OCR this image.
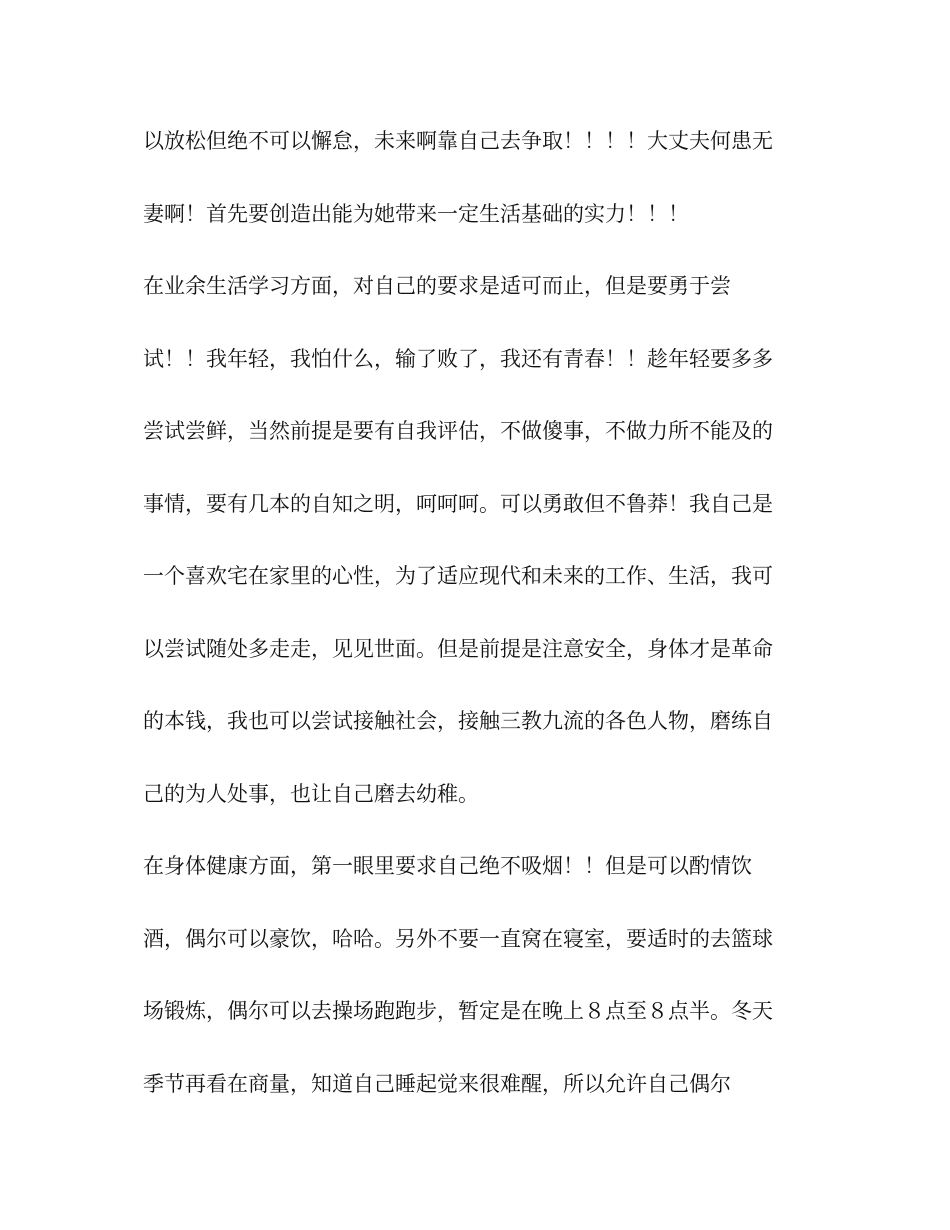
以放松但绝不可以懈怠，未来啊靠自己去争取！！！！大丈夫何患无
妻啊！首先要创造出能为她带来一定生活基础的实力！！！
在业余生活学习方面，对自己的要求是适可而止，但是要勇于尝
试！！我年轻，我怕什么，输了败了，我还有青春！！趁年轻要多多
尝试尝鲜，当然前提是要有自我评估，不做傻事，不做力所不能及的
事情，要有几本的自知之明，呵呵呵。可以勇敢但不鲁莽！我自己是
一个喜欢宅在家里的心性，为了适应现代和未来的工作、生活，我可
以尝试随处多走走，见见世面。但是前提是注意安全，身体才是革命
的本钱，我也可以尝试接触社会，接触三教九流的各色人物，磨练自
己的为人处事，也让自己磨去幼稚。
在身体健康方面，第一眼里要求自己绝不吸烟！！但是可以酌情饮
酒，偶尔可以豪饮，哈哈。另外不要一直窝在寝室，要适时的去篮球
场锻炼，偶尔可以去操场跑跑步，暂定是在晚上８点至８点半。冬天
季节再看在商量，知道自己睡起觉来很难醒，所以允许自己偶尔
